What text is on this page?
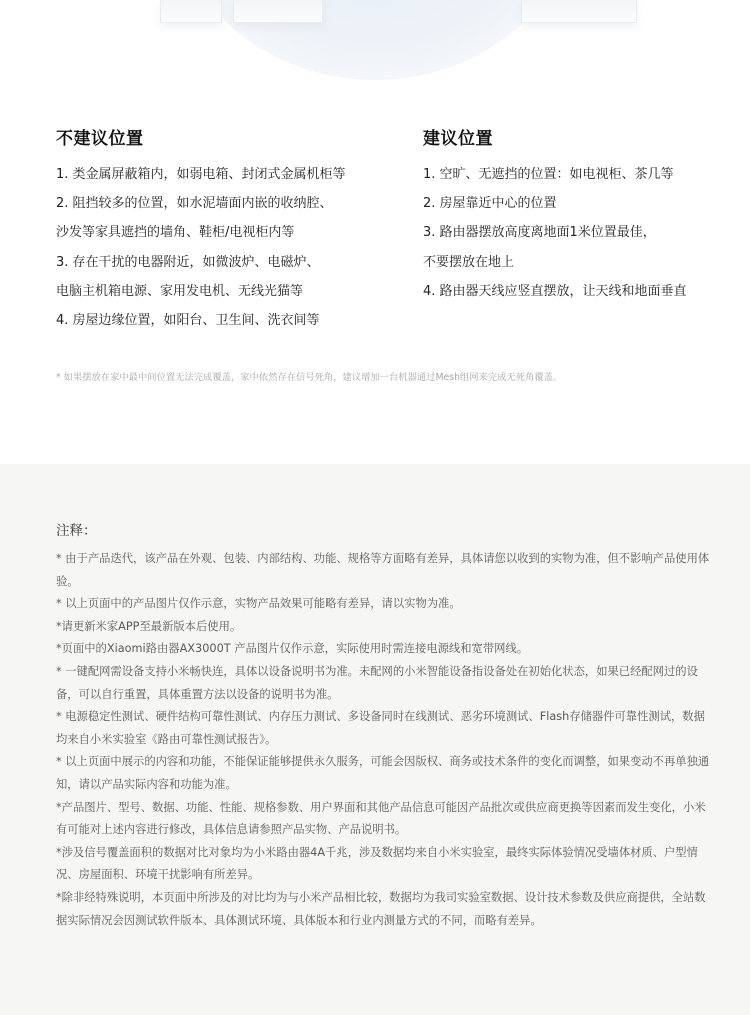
不建议位置
1. 类金属屏蔽箱内，如弱电箱、封闭式金属机柜等
2. 阻挡较多的位置，如水泥墙面内嵌的收纳腔、
沙发等家具遮挡的墙角、鞋柜/电视柜内等
3. 存在干扰的电器附近，如微波炉、电磁炉、
电脑主机箱电源、家用发电机、无线光猫等
4. 房屋边缘位置，如阳台、卫生间、洗衣间等
建议位置
1. 空旷、无遮挡的位置：如电视柜、茶几等
2. 房屋靠近中心的位置
3. 路由器摆放高度离地面1米位置最佳，
不要摆放在地上
4. 路由器天线应竖直摆放，让天线和地面垂直
* 如果摆放在家中最中间位置无法完成覆盖，家中依然存在信号死角，建议增加一台机器通过Mesh组网来完成无死角覆盖。
注释：

* 由于产品迭代，该产品在外观、包装、内部结构、功能、规格等方面略有差异，具体请您以收到的实物为准，但不影响产品使用体验。

* 以上页面中的产品图片仅作示意，实物产品效果可能略有差异，请以实物为准。

*请更新米家APP至最新版本后使用。

*页面中的Xiaomi路由器AX3000T 产品图片仅作示意，实际使用时需连接电源线和宽带网线。

* 一键配网需设备支持小米畅快连，具体以设备说明书为准。未配网的小米智能设备指设备处在初始化状态，如果已经配网过的设备，可以自行重置，具体重置方法以设备的说明书为准。

* 电源稳定性测试、硬件结构可靠性测试、内存压力测试、多设备同时在线测试、恶劣环境测试、Flash存储器件可靠性测试，数据均来自小米实验室《路由可靠性测试报告》。

* 以上页面中展示的内容和功能，不能保证能够提供永久服务，可能会因版权、商务或技术条件的变化而调整，如果变动不再单独通知，请以产品实际内容和功能为准。

*产品图片、型号、数据、功能、性能、规格参数、用户界面和其他产品信息可能因产品批次或供应商更换等因素而发生变化，小米有可能对上述内容进行修改，具体信息请参照产品实物、产品说明书。

*涉及信号覆盖面积的数据对比对象均为小米路由器4A千兆，涉及数据均来自小米实验室，最终实际体验情况受墙体材质、户型情况、房屋面积、环境干扰影响有所差异。

*除非经特殊说明，本页面中所涉及的对比均为与小米产品相比较，数据均为我司实验室数据、设计技术参数及供应商提供，全站数据实际情况会因测试软件版本、具体测试环境、具体版本和行业内测量方式的不同，而略有差异。
